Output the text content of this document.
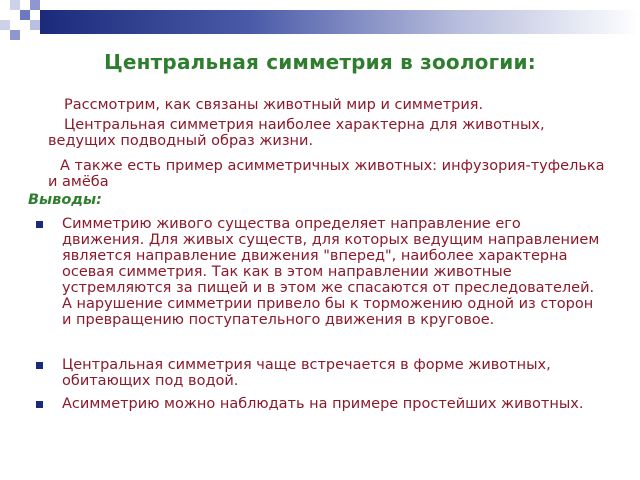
Центральная симметрия в зоологии:
Рассмотрим, как связаны животный мир и симметрия.
Центральная симметрия наиболее характерна для животных, ведущих подводный образ жизни.
А также есть пример асимметричных животных: инфузория-туфелька и амёба
Выводы:
Симметрию живого существа определяет направление его движения. Для живых существ, для которых ведущим направлением является направление движения "вперед", наиболее характерна осевая симметрия. Так как в этом направлении животные устремляются за пищей и в этом же спасаются от преследователей. А нарушение симметрии привело бы к торможению одной из сторон и превращению поступательного движения в круговое.
Центральная симметрия чаще встречается в форме животных, обитающих под водой.
Асимметрию можно наблюдать на примере простейших животных.
